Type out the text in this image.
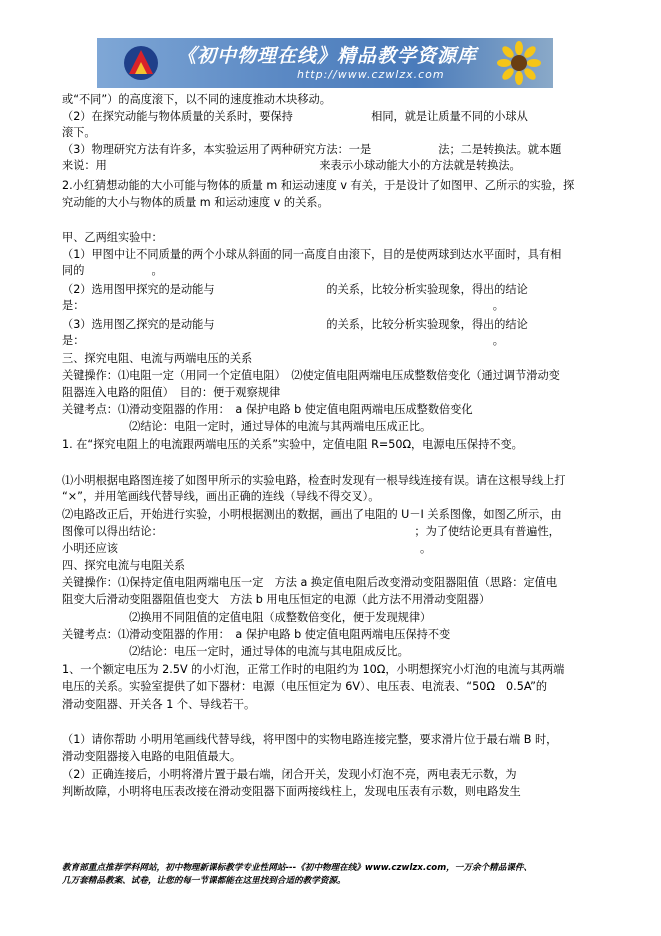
《初中物理在线》精品教学资源库
http://www.czwlzx.com
或“不同”）的高度滚下，以不同的速度推动木块移动。
（2）在探究动能与物体质量的关系时，要保持　　　　　　　相同，就是让质量不同的小球从
滚下。
（3）物理研究方法有许多，本实验运用了两种研究方法：一是　　　　　　法；二是转换法。就本题
来说：用　　　　　　　　　　　　　　　　　　　来表示小球动能大小的方法就是转换法。
2.小红猜想动能的大小可能与物体的质量 m 和运动速度 v 有关，于是设计了如图甲、乙所示的实验，探
究动能的大小与物体的质量 m 和运动速度 v 的关系。
甲、乙两组实验中：
（1）甲图中让不同质量的两个小球从斜面的同一高度自由滚下，目的是使两球到达水平面时，具有相
同的　　　　　　。
（2）选用图甲探究的是动能与　　　　　　　　　　的关系，比较分析实验现象，得出的结论
是：　　　　　　　　　　　　　　　　　　　　　　　　　　　　　　　　　　　　　。
（3）选用图乙探究的是动能与　　　　　　　　　　的关系，比较分析实验现象，得出的结论
是：　　　　　　　　　　　　　　　　　　　　　　　　　　　　　　　　　　　　　。
三、探究电阻、电流与两端电压的关系
关键操作：⑴电阻一定（用同一个定值电阻）　⑵使定值电阻两端电压成整数倍变化（通过调节滑动变
阻器连入电路的阻值）　目的：便于观察规律
关键考点：⑴滑动变阻器的作用：　a 保护电路 b 使定值电阻两端电压成整数倍变化
　　　　　　⑵结论：电阻一定时，通过导体的电流与其两端电压成正比。
1. 在“探究电阻上的电流跟两端电压的关系”实验中，定值电阻 R=50Ω，电源电压保持不变。
⑴小明根据电路图连接了如图甲所示的实验电路，检查时发现有一根导线连接有误。请在这根导线上打
“×”，并用笔画线代替导线，画出正确的连线（导线不得交叉）。
⑵电路改正后，开始进行实验，小明根据测出的数据，画出了电阻的 U－I 关系图像，如图乙所示，由
图像可以得出结论：　　　　　　　　　　　　　　　　　　　　　　　；为了使结论更具有普遍性，
小明还应该　　　　　　　　　　　　　　　　　　　　　　　　　　　。
四、探究电流与电阻关系
关键操作：⑴保持定值电阻两端电压一定　方法 a 换定值电阻后改变滑动变阻器阻值（思路：定值电
阻变大后滑动变阻器阻值也变大　方法 b 用电压恒定的电源（此方法不用滑动变阻器）
　　　　　　⑵换用不同阻值的定值电阻（成整数倍变化，便于发现规律）
关键考点：⑴滑动变阻器的作用：　a 保护电路 b 使定值电阻两端电压保持不变
　　　　　　⑵结论：电压一定时，通过导体的电流与其电阻成反比。
1、一个额定电压为 2.5V 的小灯泡，正常工作时的电阻约为 10Ω，小明想探究小灯泡的电流与其两端
电压的关系。实验室提供了如下器材：电源（电压恒定为 6V）、电压表、电流表、“50Ω　0.5A”的
滑动变阻器、开关各 1 个、导线若干。
（1）请你帮助 小明用笔画线代替导线，将甲图中的实物电路连接完整，要求滑片位于最右端 B 时，
滑动变阻器接入电路的电阻值最大。
（2）正确连接后，小明将滑片置于最右端，闭合开关，发现小灯泡不亮，两电表无示数，为
判断故障，小明将电压表改接在滑动变阻器下面两接线柱上，发现电压表有示数，则电路发生
教育部重点推荐学科网站，初中物理新课标教学专业性网站---《初中物理在线》www.czwlzx.com，一万余个精品课件、
几万套精品教案、试卷，让您的每一节课都能在这里找到合适的教学资源。
